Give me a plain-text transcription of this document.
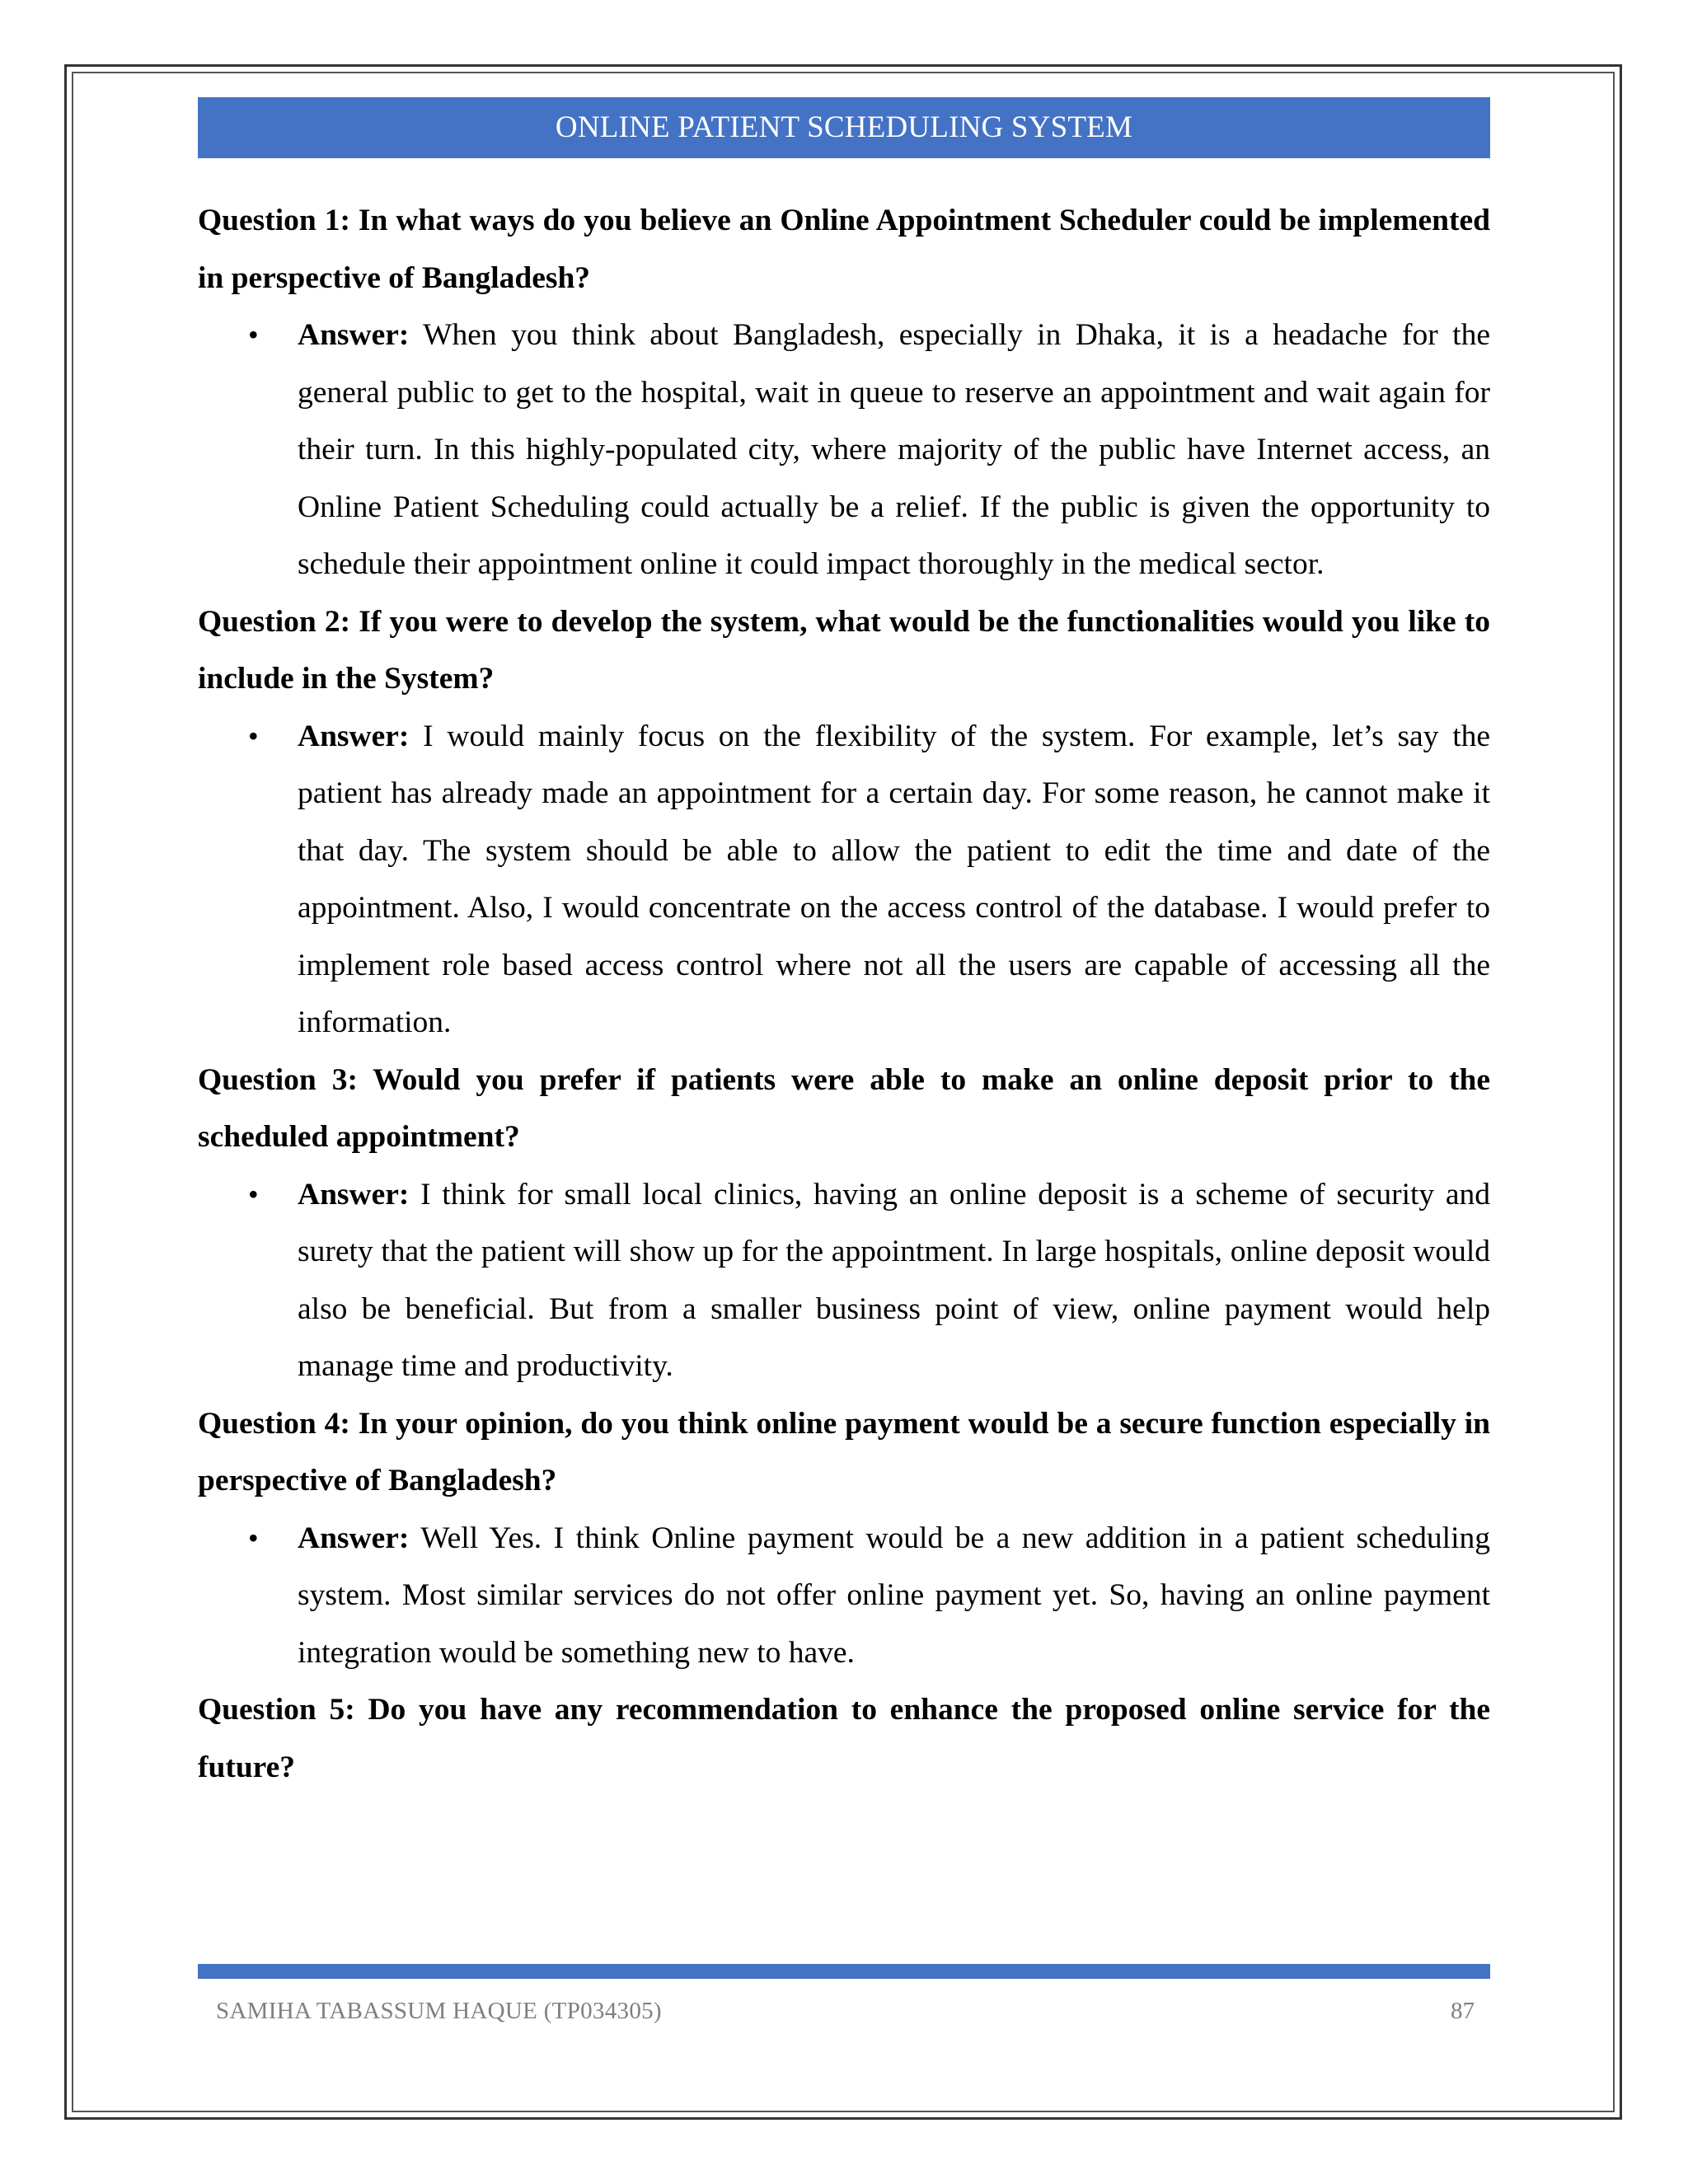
ONLINE PATIENT SCHEDULING SYSTEM

Question 1: In what ways do you believe an Online Appointment Scheduler could be implemented in perspective of Bangladesh?

• Answer: When you think about Bangladesh, especially in Dhaka, it is a headache for the general public to get to the hospital, wait in queue to reserve an appointment and wait again for their turn. In this highly-populated city, where majority of the public have Internet access, an Online Patient Scheduling could actually be a relief. If the public is given the opportunity to schedule their appointment online it could impact thoroughly in the medical sector.

Question 2: If you were to develop the system, what would be the functionalities would you like to include in the System?

• Answer: I would mainly focus on the flexibility of the system. For example, let’s say the patient has already made an appointment for a certain day. For some reason, he cannot make it that day. The system should be able to allow the patient to edit the time and date of the appointment. Also, I would concentrate on the access control of the database. I would prefer to implement role based access control where not all the users are capable of accessing all the information.

Question 3: Would you prefer if patients were able to make an online deposit prior to the scheduled appointment?

• Answer: I think for small local clinics, having an online deposit is a scheme of security and surety that the patient will show up for the appointment. In large hospitals, online deposit would also be beneficial. But from a smaller business point of view, online payment would help manage time and productivity.

Question 4: In your opinion, do you think online payment would be a secure function especially in perspective of Bangladesh?

• Answer: Well Yes. I think Online payment would be a new addition in a patient scheduling system. Most similar services do not offer online payment yet. So, having an online payment integration would be something new to have.

Question 5: Do you have any recommendation to enhance the proposed online service for the future?

SAMIHA TABASSUM HAQUE (TP034305)	87
